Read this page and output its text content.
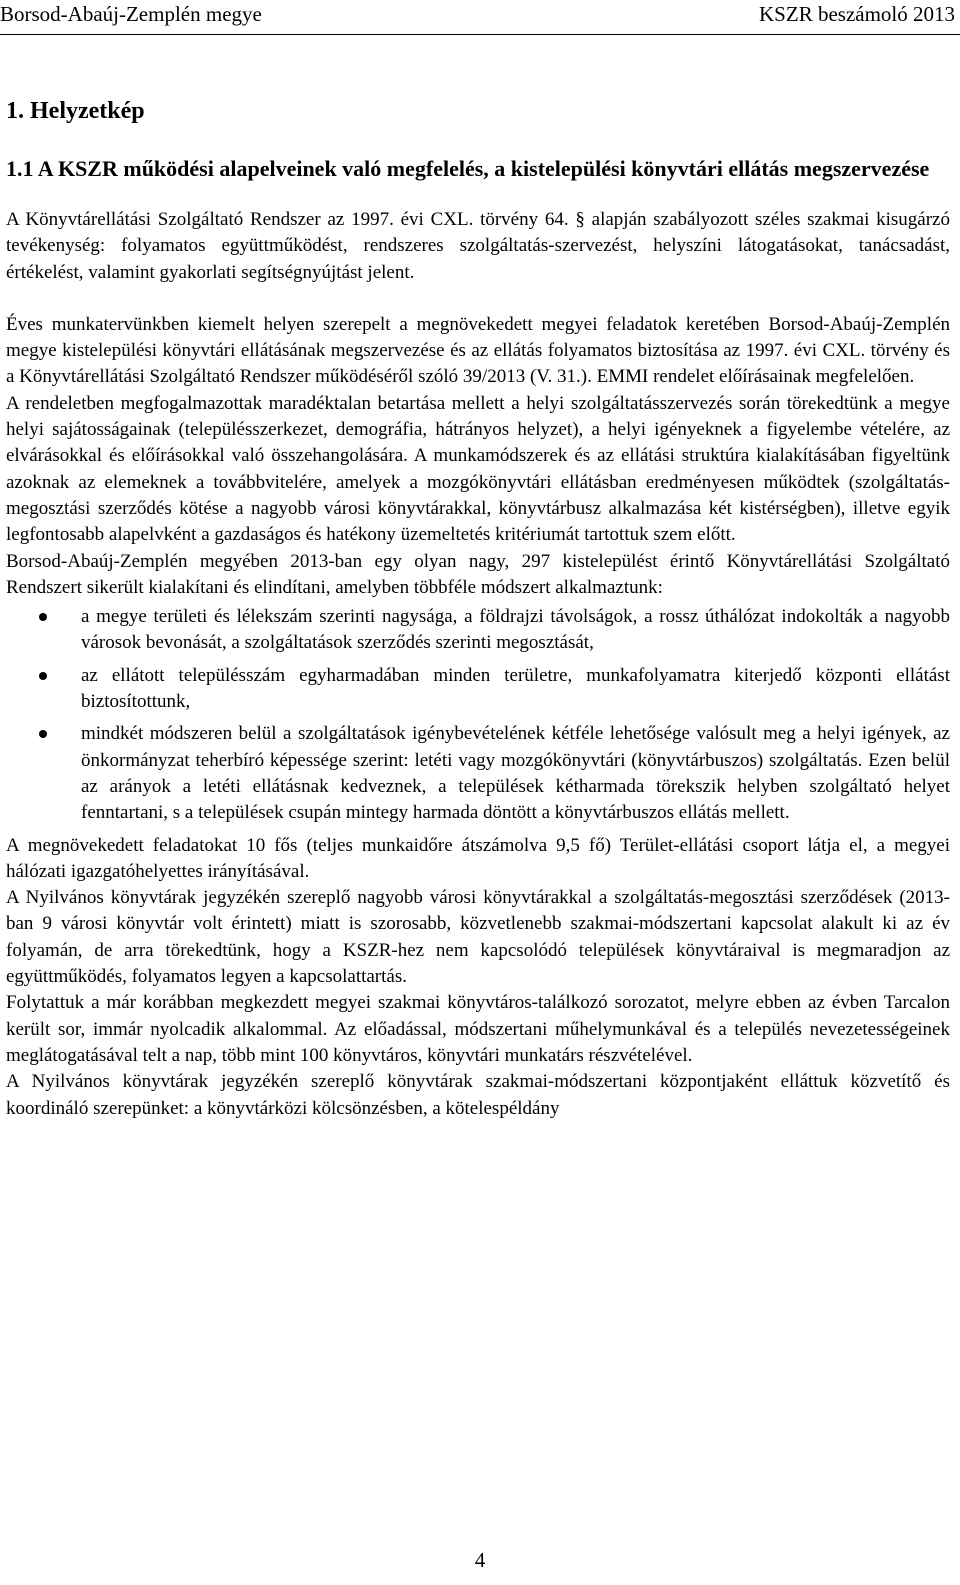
Borsod-Abaúj-Zemplén megye	KSZR beszámoló 2013
1. Helyzetkép
1.1 A KSZR működési alapelveinek való megfelelés, a kistelepülési könyvtári ellátás megszervezése

A Könyvtárellátási Szolgáltató Rendszer az 1997. évi CXL. törvény 64. § alapján szabályozott széles szakmai kisugárzó tevékenység: folyamatos együttműködést, rendszeres szolgáltatás-szervezést, helyszíni látogatásokat, tanácsadást, értékelést, valamint gyakorlati segítségnyújtást jelent.

Éves munkatervünkben kiemelt helyen szerepelt a megnövekedett megyei feladatok keretében Borsod-Abaúj-Zemplén megye kistelepülési könyvtári ellátásának megszervezése és az ellátás folyamatos biztosítása az 1997. évi CXL. törvény és a Könyvtárellátási Szolgáltató Rendszer működéséről szóló 39/2013 (V. 31.). EMMI rendelet előírásainak megfelelően.

A rendeletben megfogalmazottak maradéktalan betartása mellett a helyi szolgáltatásszervezés során törekedtünk a megye helyi sajátosságainak (településszerkezet, demográfia, hátrányos helyzet), a helyi igényeknek a figyelembe vételére, az elvárásokkal és előírásokkal való összehangolására. A munkamódszerek és az ellátási struktúra kialakításában figyeltünk azoknak az elemeknek a továbbvitelére, amelyek a mozgókönyvtári ellátásban eredményesen működtek (szolgáltatás-megosztási szerződés kötése a nagyobb városi könyvtárakkal, könyvtárbusz alkalmazása két kistérségben), illetve egyik legfontosabb alapelvként a gazdaságos és hatékony üzemeltetés kritériumát tartottuk szem előtt.

Borsod-Abaúj-Zemplén megyében 2013-ban egy olyan nagy, 297 kistelepülést érintő Könyvtárellátási Szolgáltató Rendszert sikerült kialakítani és elindítani, amelyben többféle módszert alkalmaztunk:

a megye területi és lélekszám szerinti nagysága, a földrajzi távolságok, a rossz úthálózat indokolták a nagyobb városok bevonását, a szolgáltatások szerződés szerinti megosztását,
az ellátott településszám egyharmadában minden területre, munkafolyamatra kiterjedő központi ellátást biztosítottunk,
mindkét módszeren belül a szolgáltatások igénybevételének kétféle lehetősége valósult meg a helyi igények, az önkormányzat teherbíró képessége szerint: letéti vagy mozgókönyvtári (könyvtárbuszos) szolgáltatás. Ezen belül az arányok a letéti ellátásnak kedveznek, a települések kétharmada törekszik helyben szolgáltató helyet fenntartani, s a települések csupán mintegy harmada döntött a könyvtárbuszos ellátás mellett.

A megnövekedett feladatokat 10 fős (teljes munkaidőre átszámolva 9,5 fő) Terület-ellátási csoport látja el, a megyei hálózati igazgatóhelyettes irányításával.

A Nyilvános könyvtárak jegyzékén szereplő nagyobb városi könyvtárakkal a szolgáltatás-megosztási szerződések (2013-ban 9 városi könyvtár volt érintett) miatt is szorosabb, közvetlenebb szakmai-módszertani kapcsolat alakult ki az év folyamán, de arra törekedtünk, hogy a KSZR-hez nem kapcsolódó települések könyvtáraival is megmaradjon az együttműködés, folyamatos legyen a kapcsolattartás.

Folytattuk a már korábban megkezdett megyei szakmai könyvtáros-találkozó sorozatot, melyre ebben az évben Tarcalon került sor, immár nyolcadik alkalommal. Az előadással, módszertani műhelymunkával és a település nevezetességeinek meglátogatásával telt a nap, több mint 100 könyvtáros, könyvtári munkatárs részvételével.

A Nyilvános könyvtárak jegyzékén szereplő könyvtárak szakmai-módszertani központjaként elláttuk közvetítő és koordináló szerepünket: a könyvtárközi kölcsönzésben, a kötelespéldány

4
